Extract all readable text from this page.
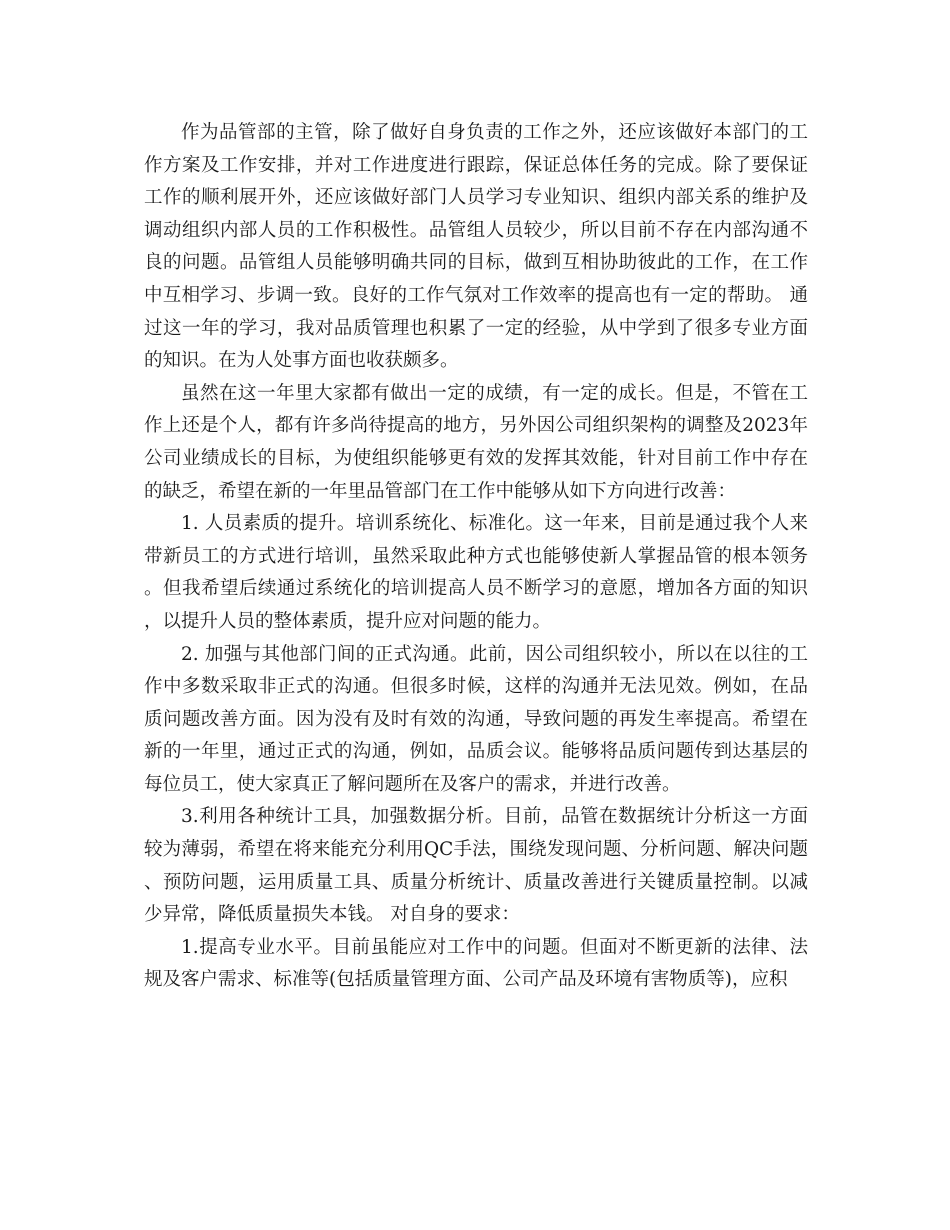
作为品管部的主管，除了做好自身负责的工作之外，还应该做好本部门的工作方案及工作安排，并对工作进度进行跟踪，保证总体任务的完成。除了要保证工作的顺利展开外，还应该做好部门人员学习专业知识、组织内部关系的维护及调动组织内部人员的工作积极性。品管组人员较少，所以目前不存在内部沟通不良的问题。品管组人员能够明确共同的目标，做到互相协助彼此的工作，在工作中互相学习、步调一致。良好的工作气氛对工作效率的提高也有一定的帮助。 通过这一年的学习，我对品质管理也积累了一定的经验，从中学到了很多专业方面的知识。在为人处事方面也收获颇多。

虽然在这一年里大家都有做出一定的成绩，有一定的成长。但是，不管在工作上还是个人，都有许多尚待提高的地方，另外因公司组织架构的调整及2023年公司业绩成长的目标，为使组织能够更有效的发挥其效能，针对目前工作中存在的缺乏，希望在新的一年里品管部门在工作中能够从如下方向进行改善：

1. 人员素质的提升。培训系统化、标准化。这一年来，目前是通过我个人来带新员工的方式进行培训，虽然采取此种方式也能够使新人掌握品管的根本领务。但我希望后续通过系统化的培训提高人员不断学习的意愿，增加各方面的知识，以提升人员的整体素质，提升应对问题的能力。

2. 加强与其他部门间的正式沟通。此前，因公司组织较小，所以在以往的工作中多数采取非正式的沟通。但很多时候，这样的沟通并无法见效。例如，在品质问题改善方面。因为没有及时有效的沟通，导致问题的再发生率提高。希望在新的一年里，通过正式的沟通，例如，品质会议。能够将品质问题传到达基层的每位员工，使大家真正了解问题所在及客户的需求，并进行改善。

3.利用各种统计工具，加强数据分析。目前，品管在数据统计分析这一方面较为薄弱，希望在将来能充分利用QC手法，围绕发现问题、分析问题、解决问题、预防问题，运用质量工具、质量分析统计、质量改善进行关键质量控制。以减少异常，降低质量损失本钱。 对自身的要求：

1.提高专业水平。目前虽能应对工作中的问题。但面对不断更新的法律、法规及客户需求、标准等(包括质量管理方面、公司产品及环境有害物质等)，应积
